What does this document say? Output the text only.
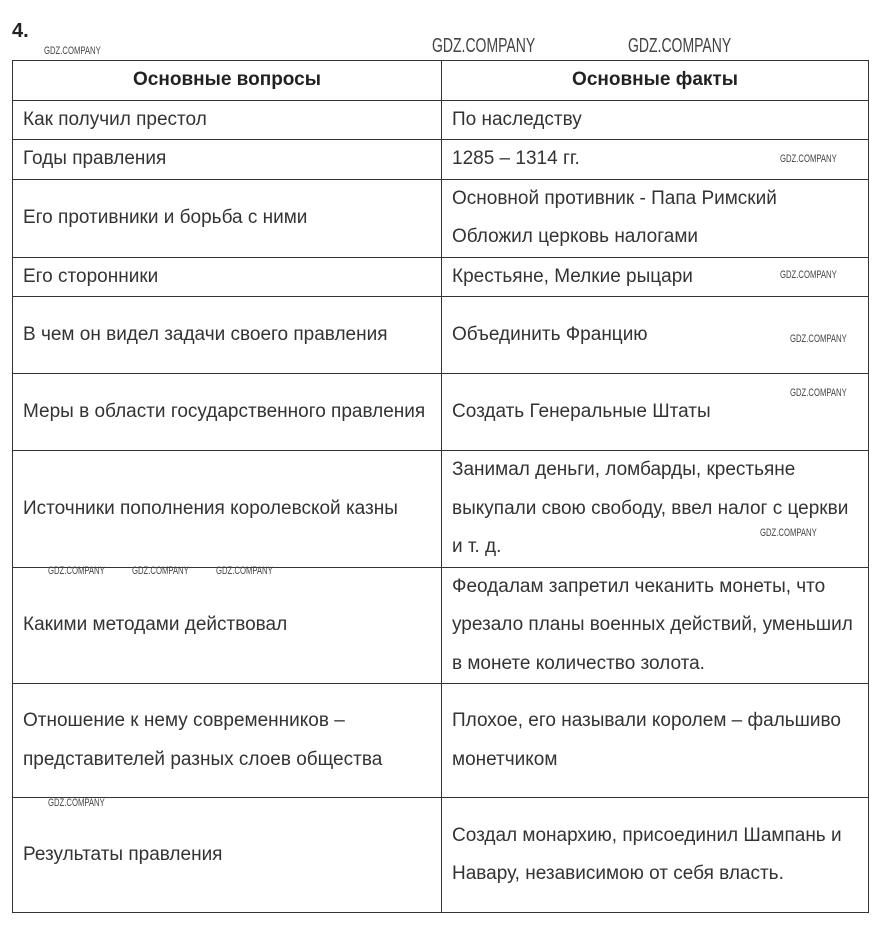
4.
Основные вопросы	Основные факты
Как получил престол	По наследству

Годы правления	1285 – 1314 гг.

Его противники и борьба с ними	Основной противник - Папа Римский
Обложил церковь налогами

Его сторонники	Крестьяне, Мелкие рыцари

В чем он видел задачи своего правления	Объединить Францию

Меры в области государственного правления	Создать Генеральные Штаты

Источники пополнения королевской казны	Занимал деньги, ломбарды, крестьяне выкупали свою свободу, ввел налог с церкви и т. д.

Какими методами действовал	Феодалам запретил чеканить монеты, что урезало планы военных действий, уменьшил в монете количество золота.

Отношение к нему современников – представителей разных слоев общества	Плохое, его называли королем – фальшиво монетчиком

Результаты правления	Создал монархию, присоединил Шампань и Навару, независимою от себя власть.
GDZ.COMPANY	GDZ.COMPANY
GDZ.COMPANY
GDZ.COMPANY
GDZ.COMPANY
GDZ.COMPANY
GDZ.COMPANY
GDZ.COMPANY
GDZ.COMPANY GDZ.COMPANY GDZ.COMPANY
GDZ.COMPANY
